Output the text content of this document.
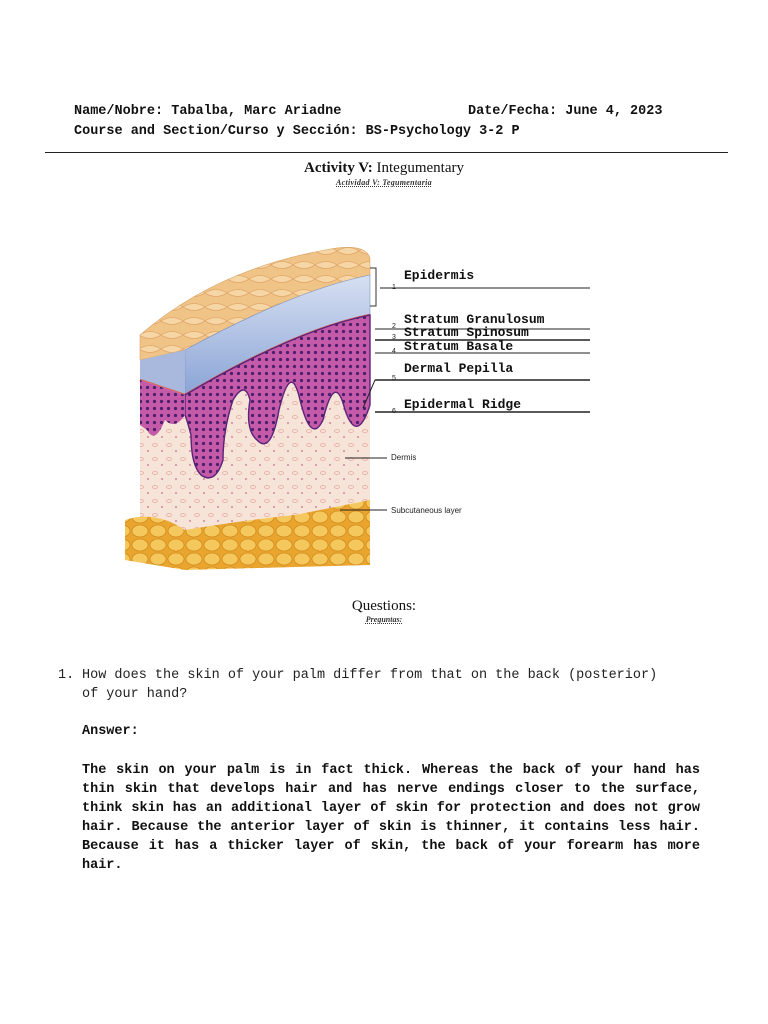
Name/Nobre: Tabalba, Marc Ariadne	Date/Fecha: June 4, 2023
Course and Section/Curso y Sección: BS-Psychology 3-2 P
Activity V: Integumentary
Actividad V: Tegumentaria
1
2
3
4
5
6
Epidermis
Stratum Granulosum
Stratum Spinosum
Stratum Basale
Dermal Pepilla
Epidermal Ridge
Dermis
Subcutaneous layer
Questions:
Preguntas:
1. How does the skin of your palm differ from that on the back (posterior) of your hand?
Answer:
The skin on your palm is in fact thick. Whereas the back of your hand has thin skin that develops hair and has nerve endings closer to the surface, think skin has an additional layer of skin for protection and does not grow hair. Because the anterior layer of skin is thinner, it contains less hair. Because it has a thicker layer of skin, the back of your forearm has more hair.
